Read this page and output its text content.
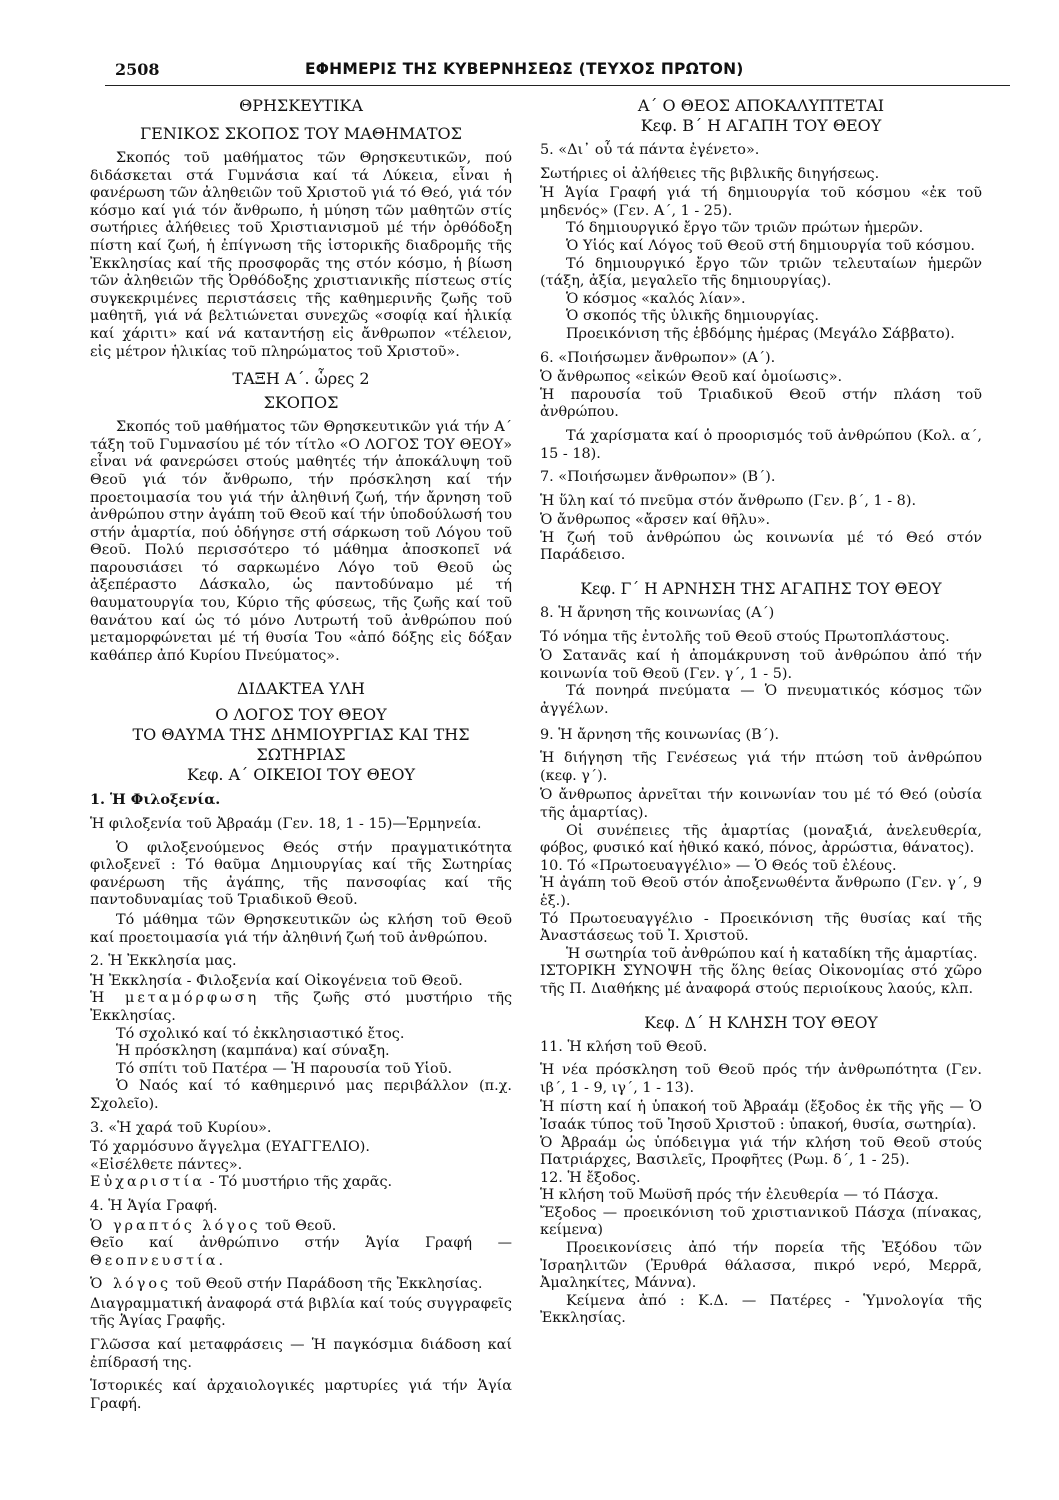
2508	ΕΦΗΜΕΡΙΣ ΤΗΣ ΚΥΒΕΡΝΗΣΕΩΣ (ΤΕΥΧΟΣ ΠΡΩΤΟΝ)

ΘΡΗΣΚΕΥΤΙΚΑ

ΓΕΝΙΚΟΣ ΣΚΟΠΟΣ ΤΟΥ ΜΑΘΗΜΑΤΟΣ

Σκοπός τοῦ μαθήματος τῶν Θρησκευτικῶν, πού διδάσκεται στά Γυμνάσια καί τά Λύκεια, εἶναι ἡ φανέρωση τῶν ἀληθειῶν τοῦ Χριστοῦ γιά τό Θεό, γιά τόν κόσμο καί γιά τόν ἄνθρωπο, ἡ μύηση τῶν μαθητῶν στίς σωτήριες ἀλήθειες τοῦ Χριστιανισμοῦ μέ τήν ὀρθόδοξη πίστη καί ζωή, ἡ ἐπίγνωση τῆς ἱστορικῆς διαδρομῆς τῆς Ἐκκλησίας καί τῆς προσφορᾶς της στόν κόσμο, ἡ βίωση τῶν ἀληθειῶν τῆς Ὀρθόδοξης χριστιανικῆς πίστεως στίς συγκεκριμένες περιστάσεις τῆς καθημερινῆς ζωῆς τοῦ μαθητῆ, γιά νά βελτιώνεται συνεχῶς «σοφίᾳ καί ἡλικίᾳ καί χάριτι» καί νά καταντήσῃ εἰς ἄνθρωπον «τέλειον, εἰς μέτρον ἡλικίας τοῦ πληρώματος τοῦ Χριστοῦ».

ΤΑΞΗ Α΄. ὧρες 2

ΣΚΟΠΟΣ

Σκοπός τοῦ μαθήματος τῶν Θρησκευτικῶν γιά τήν Α΄ τάξη τοῦ Γυμνασίου μέ τόν τίτλο «Ο ΛΟΓΟΣ ΤΟΥ ΘΕΟΥ» εἶναι νά φανερώσει στούς μαθητές τήν ἀποκάλυψη τοῦ Θεοῦ γιά τόν ἄνθρωπο, τήν πρόσκληση καί τήν προετοιμασία του γιά τήν ἀληθινή ζωή, τήν ἄρνηση τοῦ ἀνθρώπου στην ἀγάπη τοῦ Θεοῦ καί τήν ὑποδούλωσή του στήν ἁμαρτία, πού ὁδήγησε στή σάρκωση τοῦ Λόγου τοῦ Θεοῦ. Πολύ περισσότερο τό μάθημα ἀποσκοπεῖ νά παρουσιάσει τό σαρκωμένο Λόγο τοῦ Θεοῦ ὡς ἀξεπέραστο Δάσκαλο, ὡς παντοδύναμο μέ τή θαυματουργία του, Κύριο τῆς φύσεως, τῆς ζωῆς καί τοῦ θανάτου καί ὡς τό μόνο Λυτρωτή τοῦ ἀνθρώπου πού μεταμορφώνεται μέ τή θυσία Του «ἀπό δόξης εἰς δόξαν καθάπερ ἀπό Κυρίου Πνεύματος».

ΔΙΔΑΚΤΕΑ ΥΛΗ

Ο ΛΟΓΟΣ ΤΟΥ ΘΕΟΥ

ΤΟ ΘΑΥΜΑ ΤΗΣ ΔΗΜΙΟΥΡΓΙΑΣ ΚΑΙ ΤΗΣ

ΣΩΤΗΡΙΑΣ

Κεφ. Α΄ ΟΙΚΕΙΟΙ ΤΟΥ ΘΕΟΥ

1. Ἡ Φιλοξενία.

Ἡ φιλοξενία τοῦ Ἀβραάμ (Γεν. 18, 1 - 15)—Ἑρμηνεία.

Ὁ φιλοξενούμενος Θεός στήν πραγματικότητα φιλοξενεῖ : Τό θαῦμα Δημιουργίας καί τῆς Σωτηρίας φανέρωση τῆς ἀγάπης, τῆς πανσοφίας καί τῆς παντοδυναμίας τοῦ Τριαδικοῦ Θεοῦ.

Τό μάθημα τῶν Θρησκευτικῶν ὡς κλήση τοῦ Θεοῦ καί προετοιμασία γιά τήν ἀληθινή ζωή τοῦ ἀνθρώπου.

2. Ἡ Ἐκκλησία μας.

Ἡ Ἐκκλησία - Φιλοξενία καί Οἰκογένεια τοῦ Θεοῦ.

Ἡ μεταμόρφωση τῆς ζωῆς στό μυστήριο τῆς Ἐκκλησίας.

Τό σχολικό καί τό ἐκκλησιαστικό ἔτος.

Ἡ πρόσκληση (καμπάνα) καί σύναξη.

Τό σπίτι τοῦ Πατέρα — Ἡ παρουσία τοῦ Υἱοῦ.

Ὁ Ναός καί τό καθημερινό μας περιβάλλον (π.χ. Σχολεῖο).

3. «Ἡ χαρά τοῦ Κυρίου».

Τό χαρμόσυνο ἄγγελμα (ΕΥΑΓΓΕΛΙΟ).

«Εἰσέλθετε πάντες».

Εὐχαριστία - Τό μυστήριο τῆς χαρᾶς.

4. Ἡ Ἁγία Γραφή.

Ὁ γραπτός λόγος τοῦ Θεοῦ.

Θεῖο καί ἀνθρώπινο στήν Ἁγία Γραφή — Θεοπνευστία.

Ὁ λόγος τοῦ Θεοῦ στήν Παράδοση τῆς Ἐκκλησίας.

Διαγραμματική ἀναφορά στά βιβλία καί τούς συγγραφεῖς τῆς Ἁγίας Γραφῆς.

Γλῶσσα καί μεταφράσεις — Ἡ παγκόσμια διάδοση καί ἐπίδρασή της.

Ἱστορικές καί ἀρχαιολογικές μαρτυρίες γιά τήν Ἁγία Γραφή.

Α΄ Ο ΘΕΟΣ ΑΠΟΚΑΛΥΠΤΕΤΑΙ

Κεφ. Β΄ Η ΑΓΑΠΗ ΤΟΥ ΘΕΟΥ

5. «Δι᾽ οὗ τά πάντα ἐγένετο».

Σωτήριες οἱ ἀλήθειες τῆς βιβλικῆς διηγήσεως.

Ἡ Ἁγία Γραφή γιά τή δημιουργία τοῦ κόσμου «ἐκ τοῦ μηδενός» (Γεν. Α΄, 1 - 25).

Τό δημιουργικό ἔργο τῶν τριῶν πρώτων ἡμερῶν.

Ὁ Υἱός καί Λόγος τοῦ Θεοῦ στή δημιουργία τοῦ κόσμου.

Τό δημιουργικό ἔργο τῶν τριῶν τελευταίων ἡμερῶν (τάξη, ἀξία, μεγαλεῖο τῆς δημιουργίας).

Ὁ κόσμος «καλός λίαν».

Ὁ σκοπός τῆς ὑλικῆς δημιουργίας.

Προεικόνιση τῆς ἑβδόμης ἡμέρας (Μεγάλο Σάββατο).

6. «Ποιήσωμεν ἄνθρωπον» (Α΄).

Ὁ ἄνθρωπος «εἰκών Θεοῦ καί ὁμοίωσις».

Ἡ παρουσία τοῦ Τριαδικοῦ Θεοῦ στήν πλάση τοῦ ἀνθρώπου.

Τά χαρίσματα καί ὁ προορισμός τοῦ ἀνθρώπου (Κολ. α΄, 15 - 18).

7. «Ποιήσωμεν ἄνθρωπον» (Β΄).

Ἡ ὕλη καί τό πνεῦμα στόν ἄνθρωπο (Γεν. β΄, 1 - 8).

Ὁ ἄνθρωπος «ἄρσεν καί θῆλυ».

Ἡ ζωή τοῦ ἀνθρώπου ὡς κοινωνία μέ τό Θεό στόν Παράδεισο.

Κεφ. Γ΄ Η ΑΡΝΗΣΗ ΤΗΣ ΑΓΑΠΗΣ ΤΟΥ ΘΕΟΥ

8. Ἡ ἄρνηση τῆς κοινωνίας (Α΄)

Τό νόημα τῆς ἐντολῆς τοῦ Θεοῦ στούς Πρωτοπλάστους.

Ὁ Σατανᾶς καί ἡ ἀπομάκρυνση τοῦ ἀνθρώπου ἀπό τήν κοινωνία τοῦ Θεοῦ (Γεν. γ΄, 1 - 5).

Τά πονηρά πνεύματα — Ὁ πνευματικός κόσμος τῶν ἀγγέλων.

9. Ἡ ἄρνηση τῆς κοινωνίας (Β΄).

Ἡ διήγηση τῆς Γενέσεως γιά τήν πτώση τοῦ ἀνθρώπου (κεφ. γ΄).

Ὁ ἄνθρωπος ἀρνεῖται τήν κοινωνίαν του μέ τό Θεό (οὐσία τῆς ἁμαρτίας).

Οἱ συνέπειες τῆς ἁμαρτίας (μοναξιά, ἀνελευθερία, φόβος, φυσικό καί ἠθικό κακό, πόνος, ἀρρώστια, θάνατος).

10. Τό «Πρωτοευαγγέλιο» — Ὁ Θεός τοῦ ἐλέους.

Ἡ ἀγάπη τοῦ Θεοῦ στόν ἀποξενωθέντα ἄνθρωπο (Γεν. γ΄, 9 ἑξ.).

Τό Πρωτοευαγγέλιο - Προεικόνιση τῆς θυσίας καί τῆς Ἀναστάσεως τοῦ Ἰ. Χριστοῦ.

Ἡ σωτηρία τοῦ ἀνθρώπου καί ἡ καταδίκη τῆς ἁμαρτίας.

ΙΣΤΟΡΙΚΗ ΣΥΝΟΨΗ τῆς ὅλης θείας Οἰκονομίας στό χῶρο τῆς Π. Διαθήκης μέ ἀναφορά στούς περιοίκους λαούς, κλπ.

Κεφ. Δ΄ Η ΚΛΗΣΗ ΤΟΥ ΘΕΟΥ

11. Ἡ κλήση τοῦ Θεοῦ.

Ἡ νέα πρόσκληση τοῦ Θεοῦ πρός τήν ἀνθρωπότητα (Γεν. ιβ΄, 1 - 9, ιγ΄, 1 - 13).

Ἡ πίστη καί ἡ ὑπακοή τοῦ Ἀβραάμ (ἔξοδος ἐκ τῆς γῆς — Ὁ Ἰσαάκ τύπος τοῦ Ἰησοῦ Χριστοῦ : ὑπακοή, θυσία, σωτηρία).

Ὁ Ἀβραάμ ὡς ὑπόδειγμα γιά τήν κλήση τοῦ Θεοῦ στούς Πατριάρχες, Βασιλεῖς, Προφῆτες (Ρωμ. δ΄, 1 - 25).

12. Ἡ ἔξοδος.

Ἡ κλήση τοῦ Μωϋσῆ πρός τήν ἐλευθερία — τό Πάσχα.

Ἔξοδος — προεικόνιση τοῦ χριστιανικοῦ Πάσχα (πίνακας, κείμενα)

Προεικονίσεις ἀπό τήν πορεία τῆς Ἐξόδου τῶν Ἰσραηλιτῶν (Ἐρυθρά θάλασσα, πικρό νερό, Μερρᾶ, Ἀμαληκίτες, Μάννα).

Κείμενα ἀπό : Κ.Δ. — Πατέρες - Ὑμνολογία τῆς Ἐκκλησίας.
